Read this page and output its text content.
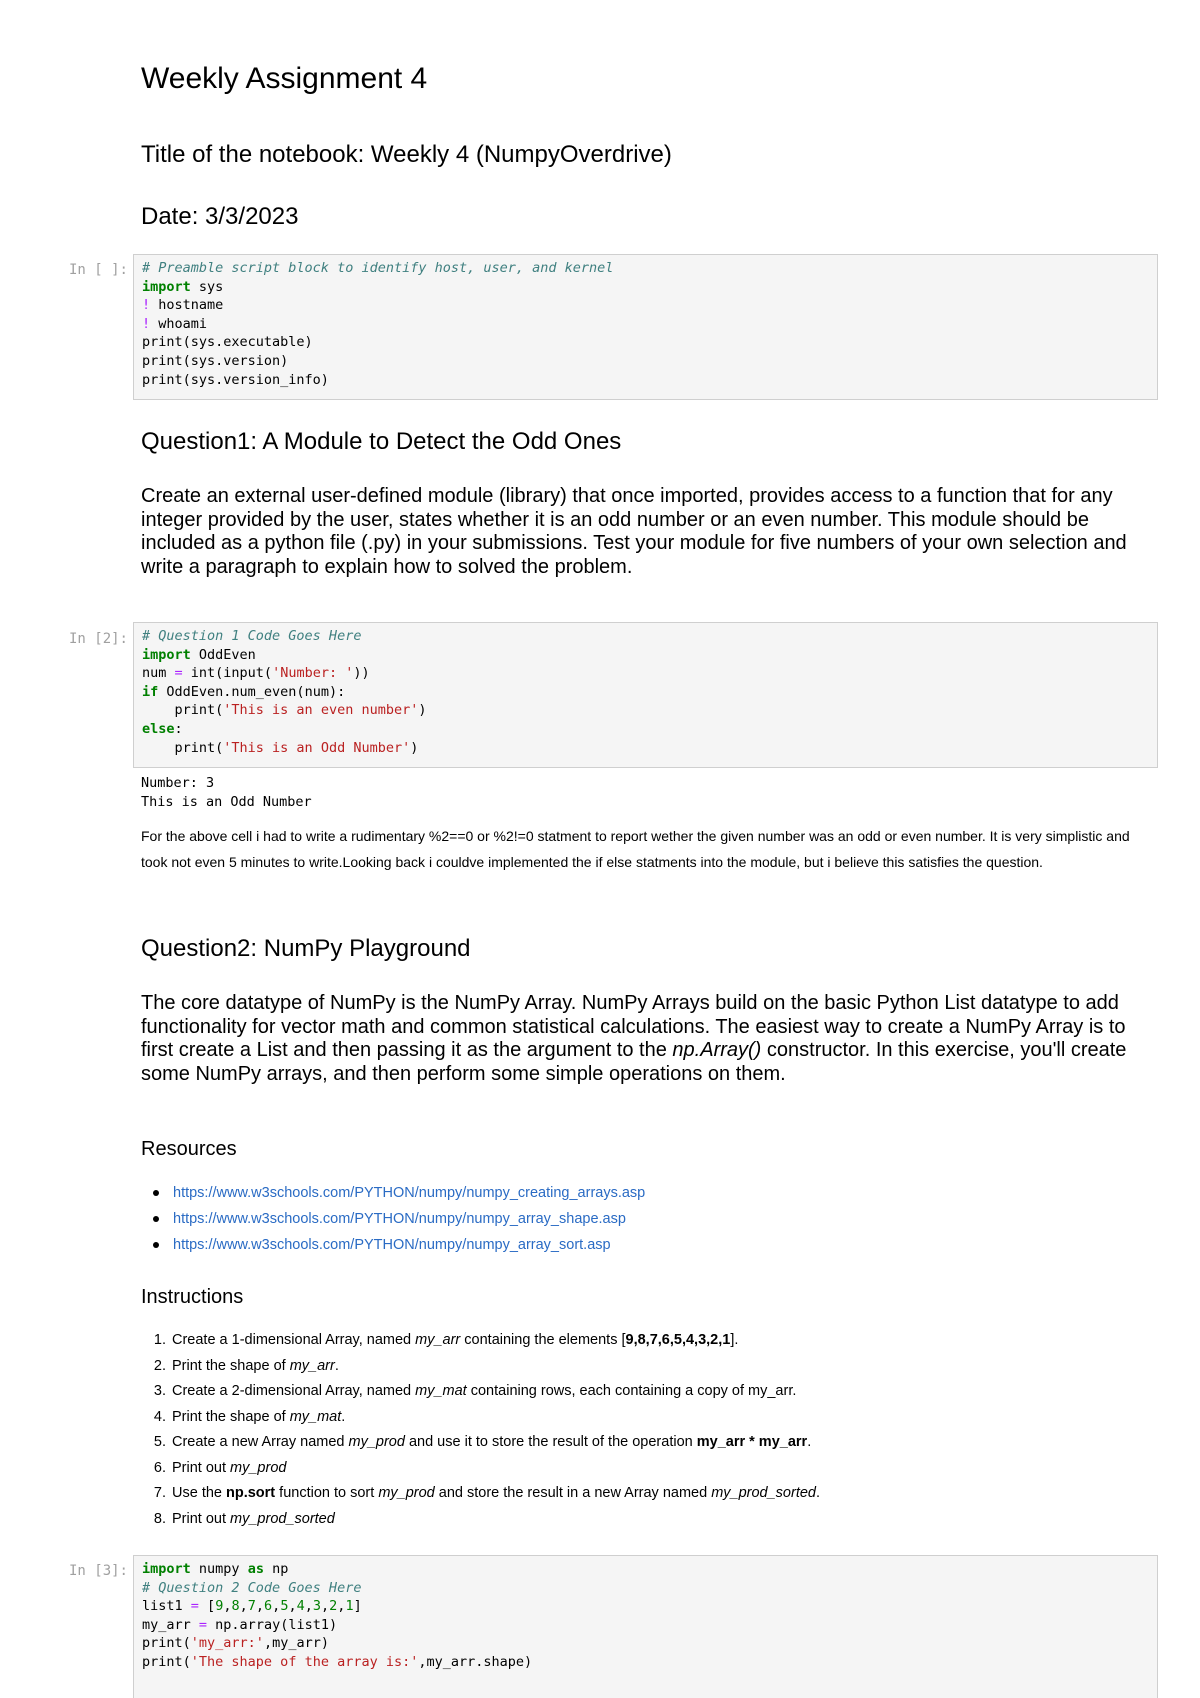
Weekly Assignment 4
Title of the notebook: Weekly 4 (NumpyOverdrive)
Date: 3/3/2023
In [ ]: # Preamble script block to identify host, user, and kernel
import sys
! hostname
! whoami
print(sys.executable)
print(sys.version)
print(sys.version_info)
Question1: A Module to Detect the Odd Ones
Create an external user-defined module (library) that once imported, provides access to a function that for any integer provided by the user, states whether it is an odd number or an even number. This module should be included as a python file (.py) in your submissions. Test your module for five numbers of your own selection and write a paragraph to explain how to solved the problem.
In [2]: # Question 1 Code Goes Here
import OddEven
num = int(input('Number: '))
if OddEven.num_even(num):
print('This is an even number')
else:
print('This is an Odd Number')
Number: 3
This is an Odd Number
For the above cell i had to write a rudimentary %2==0 or %2!=0 statment to report wether the given number was an odd or even number. It is very simplistic and took not even 5 minutes to write.Looking back i couldve implemented the if else statments into the module, but i believe this satisfies the question.
Question2: NumPy Playground
The core datatype of NumPy is the NumPy Array. NumPy Arrays build on the basic Python List datatype to add functionality for vector math and common statistical calculations. The easiest way to create a NumPy Array is to first create a List and then passing it as the argument to the np.Array() constructor. In this exercise, you'll create some NumPy arrays, and then perform some simple operations on them.
Resources
https://www.w3schools.com/PYTHON/numpy/numpy_creating_arrays.asp
https://www.w3schools.com/PYTHON/numpy/numpy_array_shape.asp
https://www.w3schools.com/PYTHON/numpy/numpy_array_sort.asp
Instructions
1. Create a 1-dimensional Array, named my_arr containing the elements [9,8,7,6,5,4,3,2,1].
2. Print the shape of my_arr.
3. Create a 2-dimensional Array, named my_mat containing rows, each containing a copy of my_arr.
4. Print the shape of my_mat.
5. Create a new Array named my_prod and use it to store the result of the operation my_arr * my_arr.
6. Print out my_prod
7. Use the np.sort function to sort my_prod and store the result in a new Array named my_prod_sorted.
8. Print out my_prod_sorted
In [3]: import numpy as np
# Question 2 Code Goes Here
list1 = [9,8,7,6,5,4,3,2,1]
my_arr = np.array(list1)
print('my_arr:',my_arr)
print('The shape of the array is:',my_arr.shape)
